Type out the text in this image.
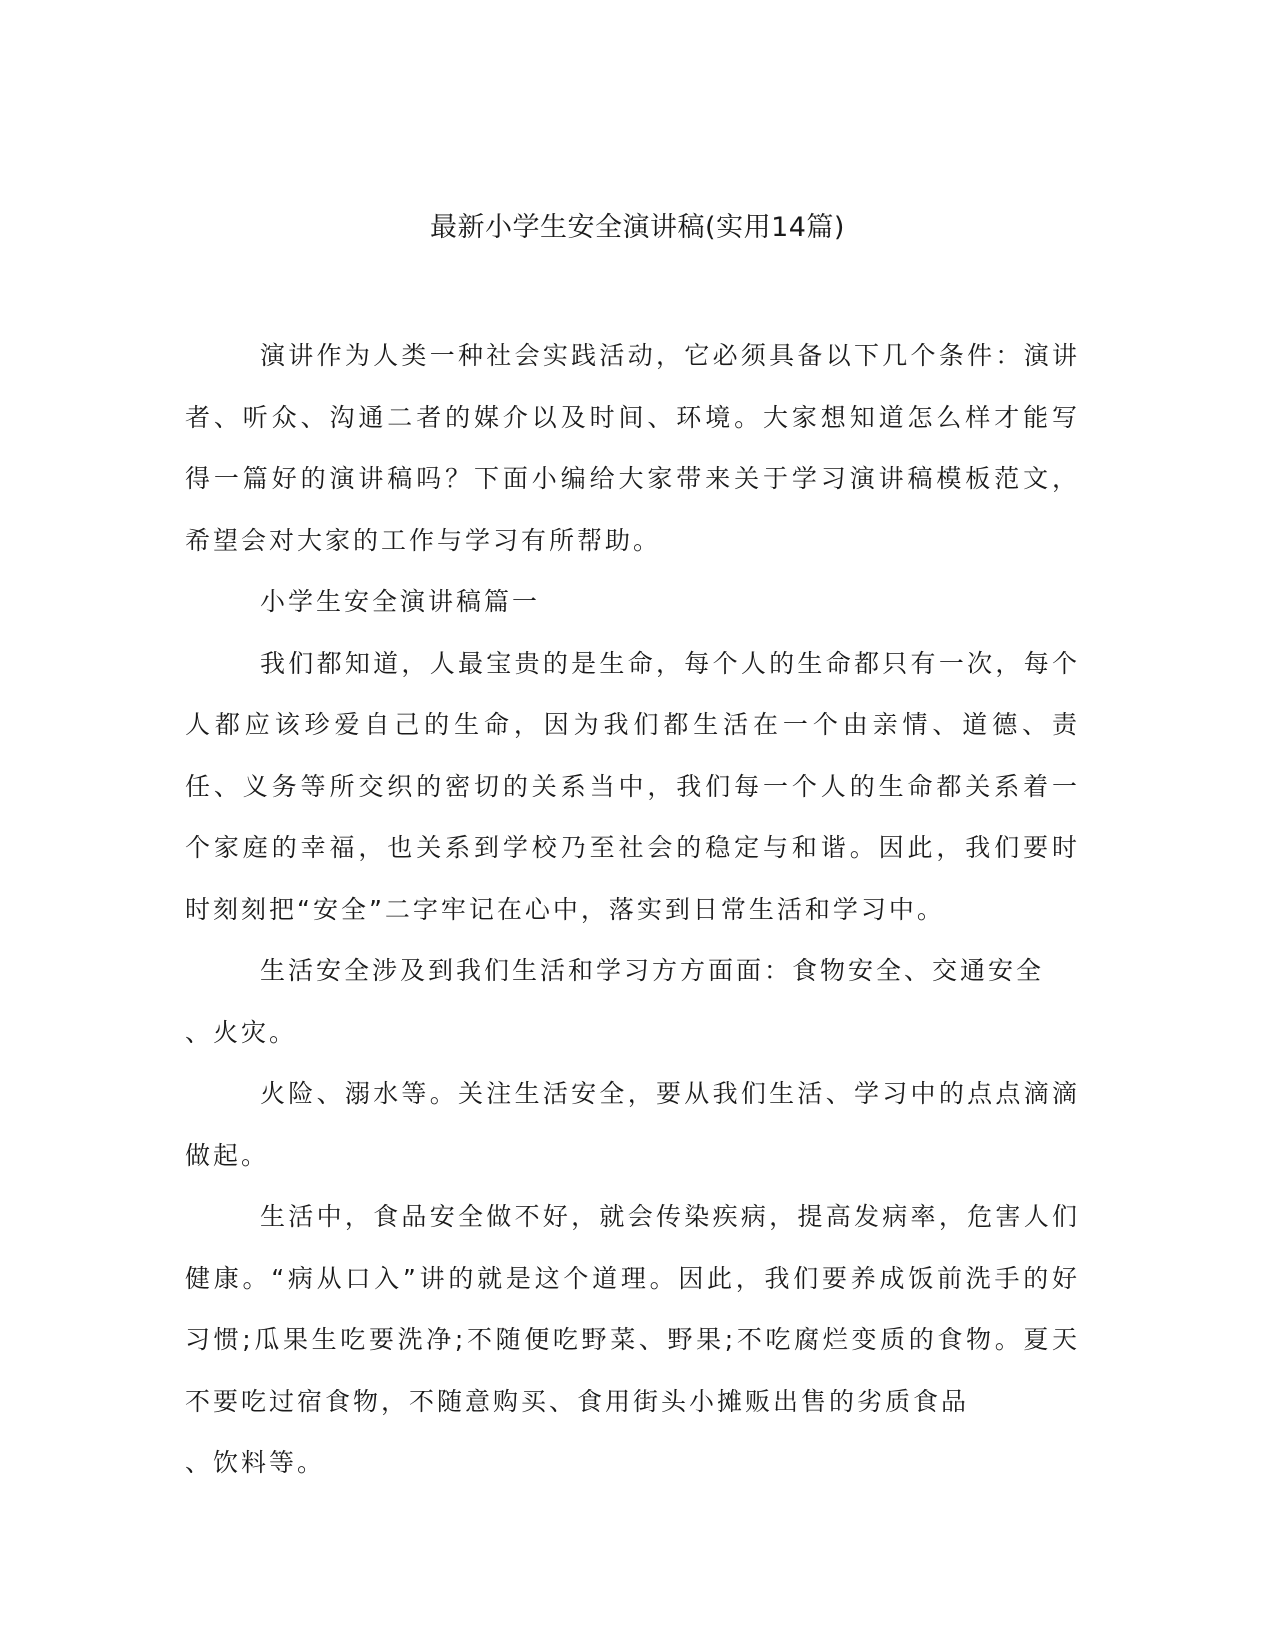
最新小学生安全演讲稿(实用14篇)

演讲作为人类一种社会实践活动，它必须具备以下几个条件：演讲者、听众、沟通二者的媒介以及时间、环境。大家想知道怎么样才能写得一篇好的演讲稿吗？下面小编给大家带来关于学习演讲稿模板范文，希望会对大家的工作与学习有所帮助。

小学生安全演讲稿篇一

我们都知道，人最宝贵的是生命，每个人的生命都只有一次，每个人都应该珍爱自己的生命，因为我们都生活在一个由亲情、道德、责任、义务等所交织的密切的关系当中，我们每一个人的生命都关系着一个家庭的幸福，也关系到学校乃至社会的稳定与和谐。因此，我们要时时刻刻把“安全”二字牢记在心中，落实到日常生活和学习中。

生活安全涉及到我们生活和学习方方面面：食物安全、交通安全

、火灾。

火险、溺水等。关注生活安全，要从我们生活、学习中的点点滴滴做起。

生活中，食品安全做不好，就会传染疾病，提高发病率，危害人们健康。“病从口入”讲的就是这个道理。因此，我们要养成饭前洗手的好习惯;瓜果生吃要洗净;不随便吃野菜、野果;不吃腐烂变质的食物。夏天不要吃过宿食物，不随意购买、食用街头小摊贩出售的劣质食品

、饮料等。
